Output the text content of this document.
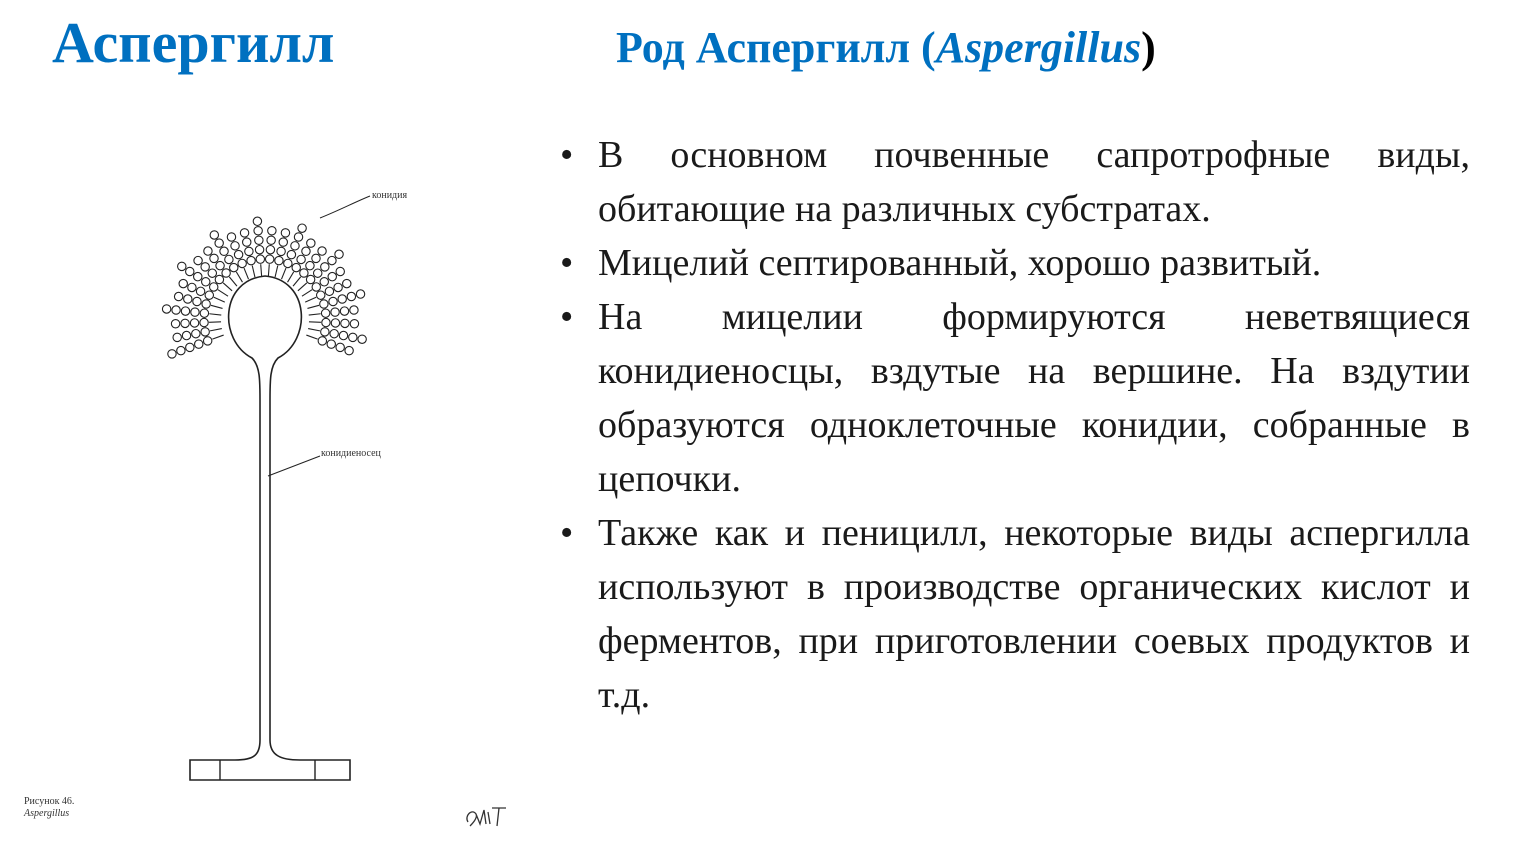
Аспергилл	Род Аспергилл (Aspergillus)
• В основном почвенные сапротрофные виды, обитающие на различных субстратах.
• Мицелий септированный, хорошо развитый.
• На мицелии формируются неветвящиеся конидиеносцы, вздутые на вершине. На вздутии образуются одноклеточные конидии, собранные в цепочки.
• Также как и пеницилл, некоторые виды аспергилла используют в производстве органических кислот и ферментов, при приготовлении соевых продуктов и т.д.
конидия
конидиеносец
Рисунок 46.
Aspergillus
